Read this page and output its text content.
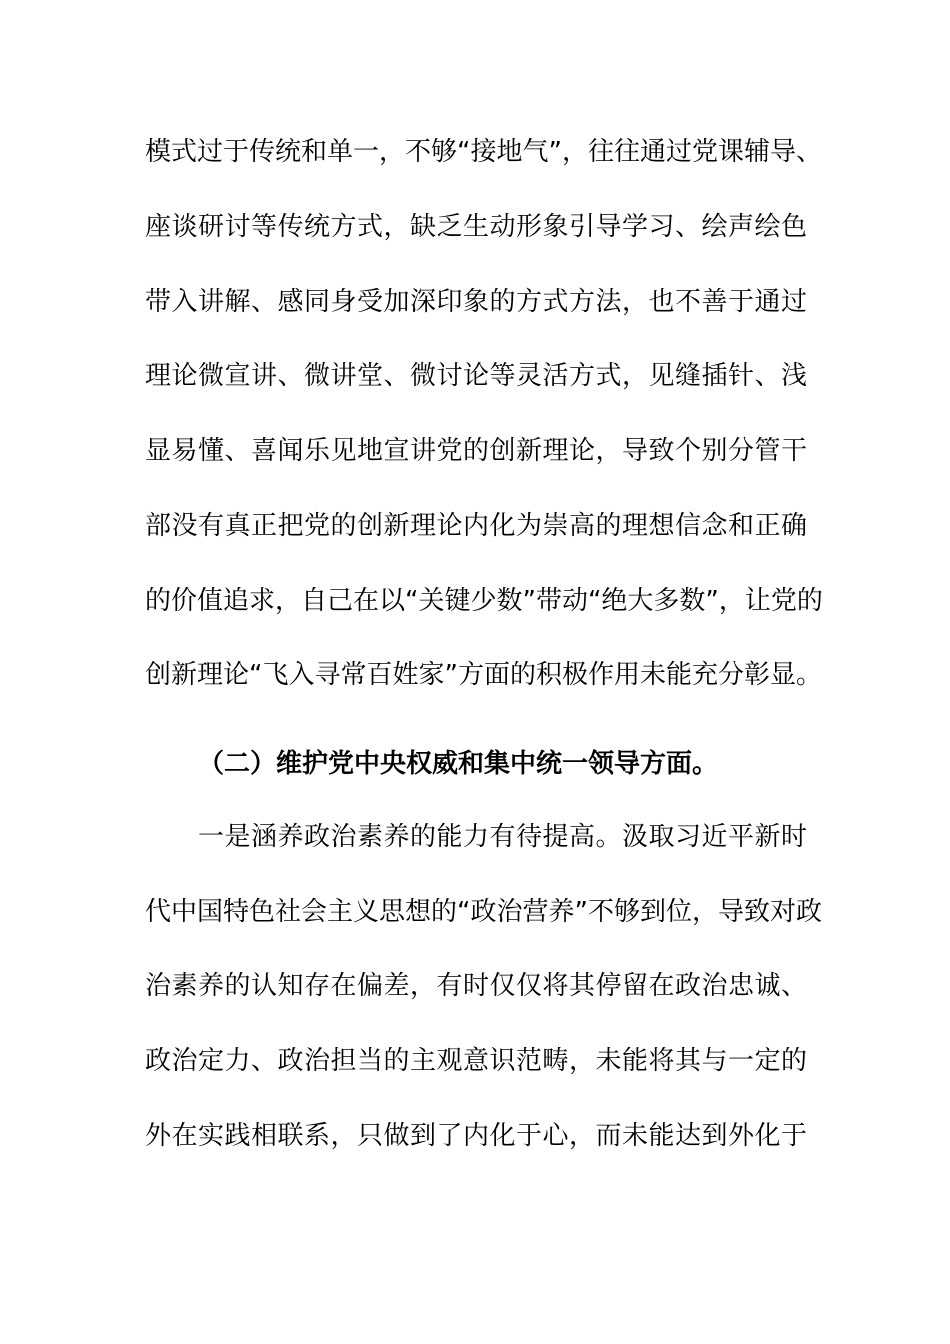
模式过于传统和单一，不够“接地气”，往往通过党课辅导、
座谈研讨等传统方式，缺乏生动形象引导学习、绘声绘色
带入讲解、感同身受加深印象的方式方法，也不善于通过
理论微宣讲、微讲堂、微讨论等灵活方式，见缝插针、浅
显易懂、喜闻乐见地宣讲党的创新理论，导致个别分管干
部没有真正把党的创新理论内化为崇高的理想信念和正确
的价值追求，自己在以“关键少数”带动“绝大多数”，让党的
创新理论“飞入寻常百姓家”方面的积极作用未能充分彰显。
（二）维护党中央权威和集中统一领导方面。
一是涵养政治素养的能力有待提高。汲取习近平新时
代中国特色社会主义思想的“政治营养”不够到位，导致对政
治素养的认知存在偏差，有时仅仅将其停留在政治忠诚、
政治定力、政治担当的主观意识范畴，未能将其与一定的
外在实践相联系，只做到了内化于心，而未能达到外化于
